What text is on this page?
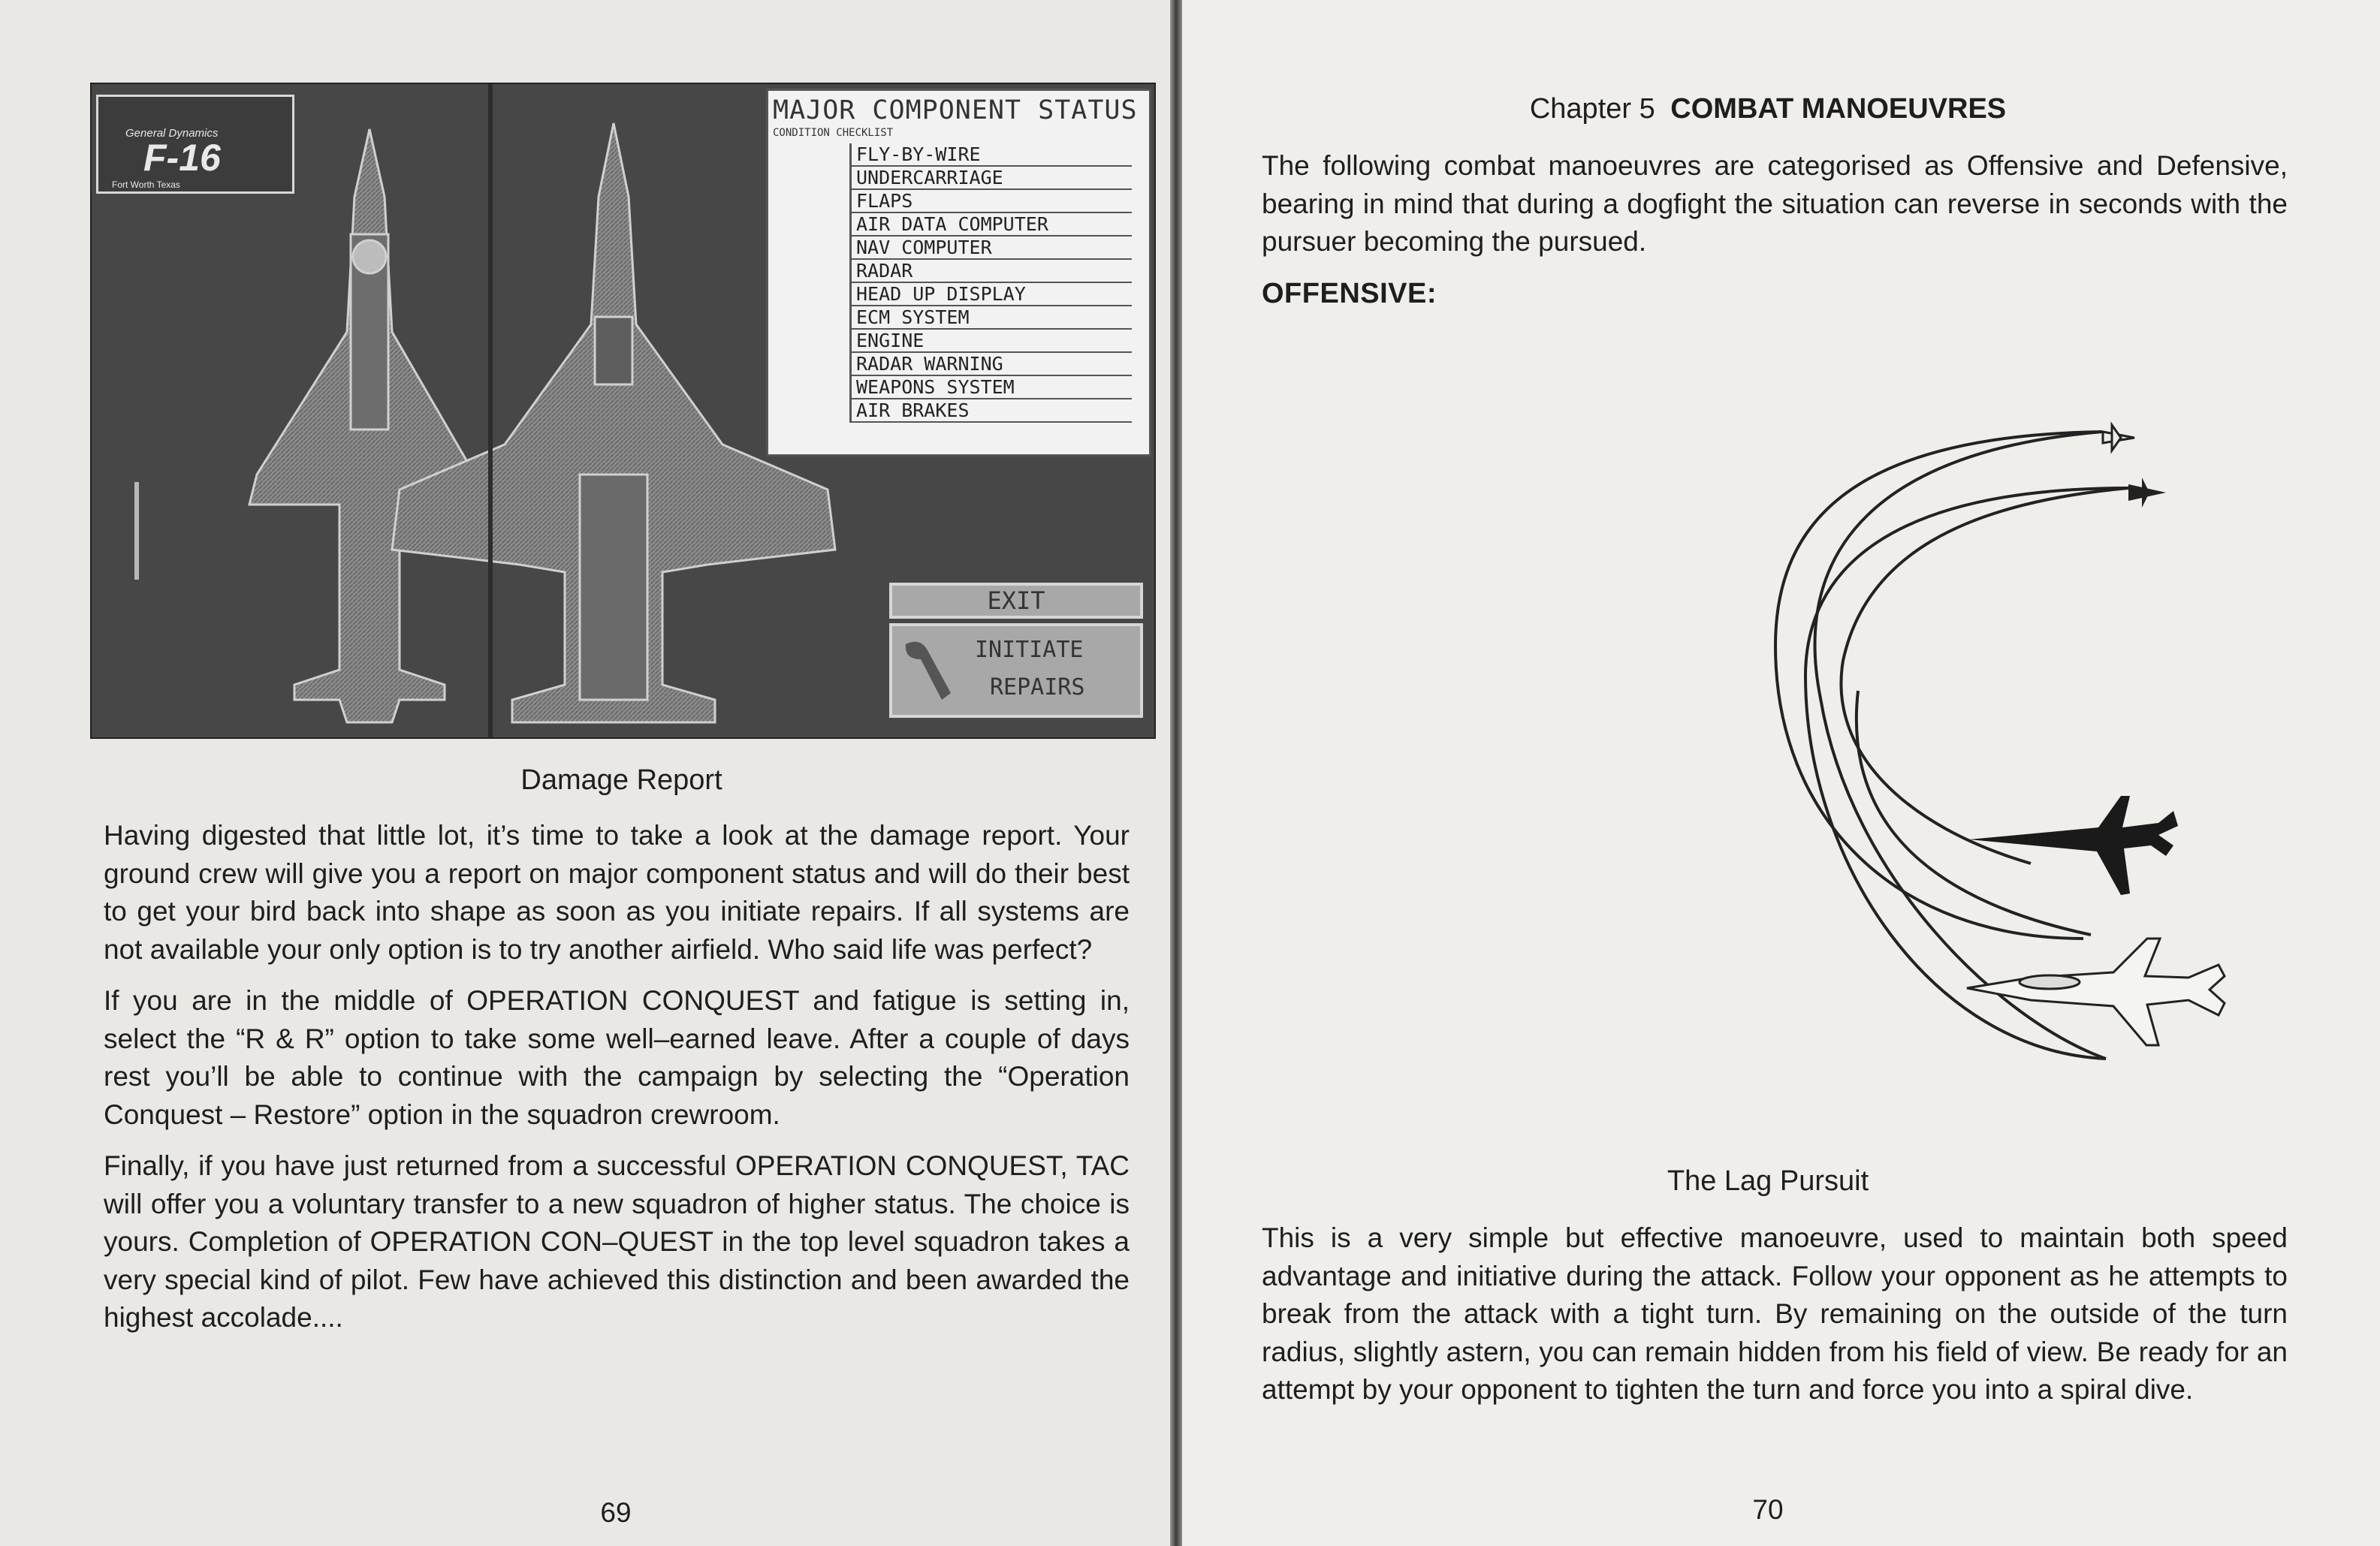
General Dynamics
F-16
Fort Worth Texas
MAJOR COMPONENT STATUS
CONDITION CHECKLIST
FLY-BY-WIRE
UNDERCARRIAGE
FLAPS
AIR DATA COMPUTER
NAV COMPUTER
RADAR
HEAD UP DISPLAY
ECM SYSTEM
ENGINE
RADAR WARNING
WEAPONS SYSTEM
AIR BRAKES
EXIT
INITIATE
REPAIRS
Damage Report

Having digested that little lot, it’s time to take a look at the damage report. Your ground crew will give you a report on major component status and will do their best to get your bird back into shape as soon as you initiate repairs. If all systems are not available your only option is to try another airfield. Who said life was perfect?

If you are in the middle of OPERATION CONQUEST and fatigue is setting in, select the “R & R” option to take some well–earned leave. After a couple of days rest you’ll be able to continue with the campaign by selecting the “Operation Conquest – Restore” option in the squadron crewroom.

Finally, if you have just returned from a successful OPERATION CONQUEST, TAC will offer you a voluntary transfer to a new squadron of higher status. The choice is yours. Completion of OPERATION CON–QUEST in the top level squadron takes a very special kind of pilot. Few have achieved this distinction and been awarded the highest accolade....

69
Chapter 5 COMBAT MANOEUVRES

The following combat manoeuvres are categorised as Offensive and Defensive, bearing in mind that during a dogfight the situation can reverse in seconds with the pursuer becoming the pursued.

OFFENSIVE:
The Lag Pursuit

This is a very simple but effective manoeuvre, used to maintain both speed advantage and initiative during the attack. Follow your opponent as he attempts to break from the attack with a tight turn. By remaining on the outside of the turn radius, slightly astern, you can remain hidden from his field of view. Be ready for an attempt by your opponent to tighten the turn and force you into a spiral dive.

70
